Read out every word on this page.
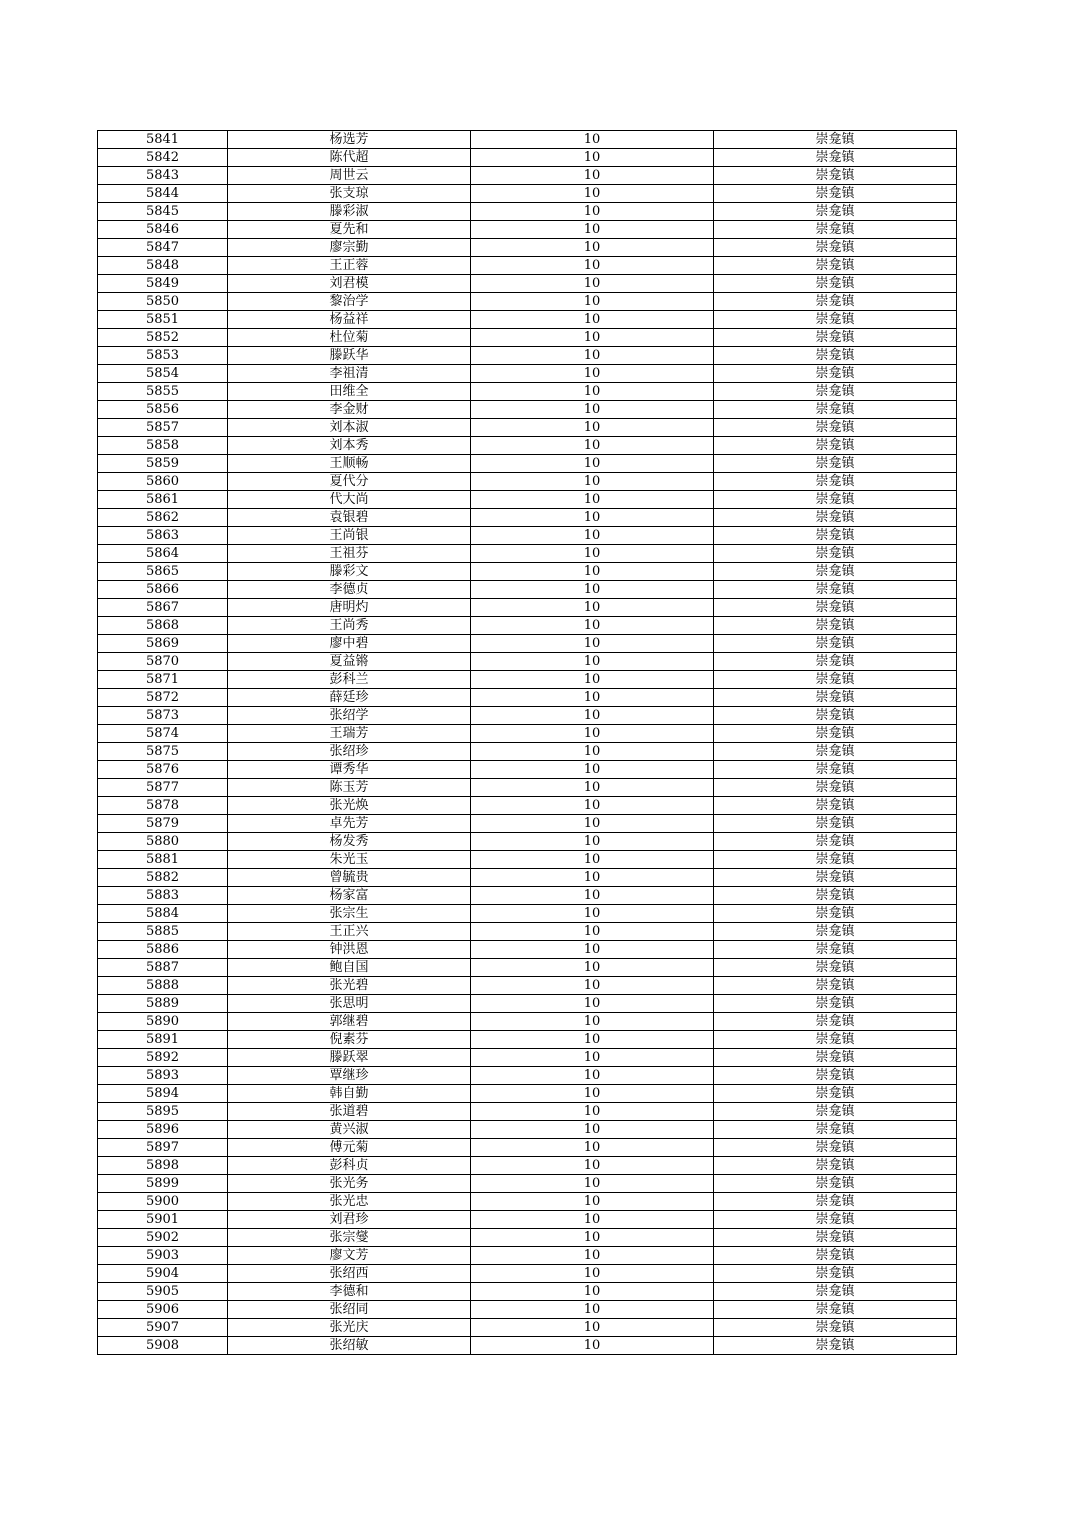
5841	杨选芳	10	崇龛镇
5842	陈代超	10	崇龛镇
5843	周世云	10	崇龛镇
5844	张支琼	10	崇龛镇
5845	滕彩淑	10	崇龛镇
5846	夏先和	10	崇龛镇
5847	廖宗勤	10	崇龛镇
5848	王正蓉	10	崇龛镇
5849	刘君模	10	崇龛镇
5850	黎治学	10	崇龛镇
5851	杨益祥	10	崇龛镇
5852	杜位菊	10	崇龛镇
5853	滕跃华	10	崇龛镇
5854	李祖清	10	崇龛镇
5855	田维全	10	崇龛镇
5856	李金财	10	崇龛镇
5857	刘本淑	10	崇龛镇
5858	刘本秀	10	崇龛镇
5859	王顺畅	10	崇龛镇
5860	夏代分	10	崇龛镇
5861	代大尚	10	崇龛镇
5862	袁银碧	10	崇龛镇
5863	王尚银	10	崇龛镇
5864	王祖芬	10	崇龛镇
5865	滕彩文	10	崇龛镇
5866	李德贞	10	崇龛镇
5867	唐明灼	10	崇龛镇
5868	王尚秀	10	崇龛镇
5869	廖中碧	10	崇龛镇
5870	夏益锵	10	崇龛镇
5871	彭科兰	10	崇龛镇
5872	薛廷珍	10	崇龛镇
5873	张绍学	10	崇龛镇
5874	王瑞芳	10	崇龛镇
5875	张绍珍	10	崇龛镇
5876	谭秀华	10	崇龛镇
5877	陈玉芳	10	崇龛镇
5878	张光焕	10	崇龛镇
5879	卓先芳	10	崇龛镇
5880	杨发秀	10	崇龛镇
5881	朱光玉	10	崇龛镇
5882	曾毓贵	10	崇龛镇
5883	杨家富	10	崇龛镇
5884	张宗生	10	崇龛镇
5885	王正兴	10	崇龛镇
5886	钟洪恩	10	崇龛镇
5887	鲍自国	10	崇龛镇
5888	张光碧	10	崇龛镇
5889	张思明	10	崇龛镇
5890	郭继碧	10	崇龛镇
5891	倪素芬	10	崇龛镇
5892	滕跃翠	10	崇龛镇
5893	覃继珍	10	崇龛镇
5894	韩自勤	10	崇龛镇
5895	张道碧	10	崇龛镇
5896	黄兴淑	10	崇龛镇
5897	傅元菊	10	崇龛镇
5898	彭科贞	10	崇龛镇
5899	张光务	10	崇龛镇
5900	张光忠	10	崇龛镇
5901	刘君珍	10	崇龛镇
5902	张宗燮	10	崇龛镇
5903	廖文芳	10	崇龛镇
5904	张绍西	10	崇龛镇
5905	李德和	10	崇龛镇
5906	张绍同	10	崇龛镇
5907	张光庆	10	崇龛镇
5908	张绍敏	10	崇龛镇
